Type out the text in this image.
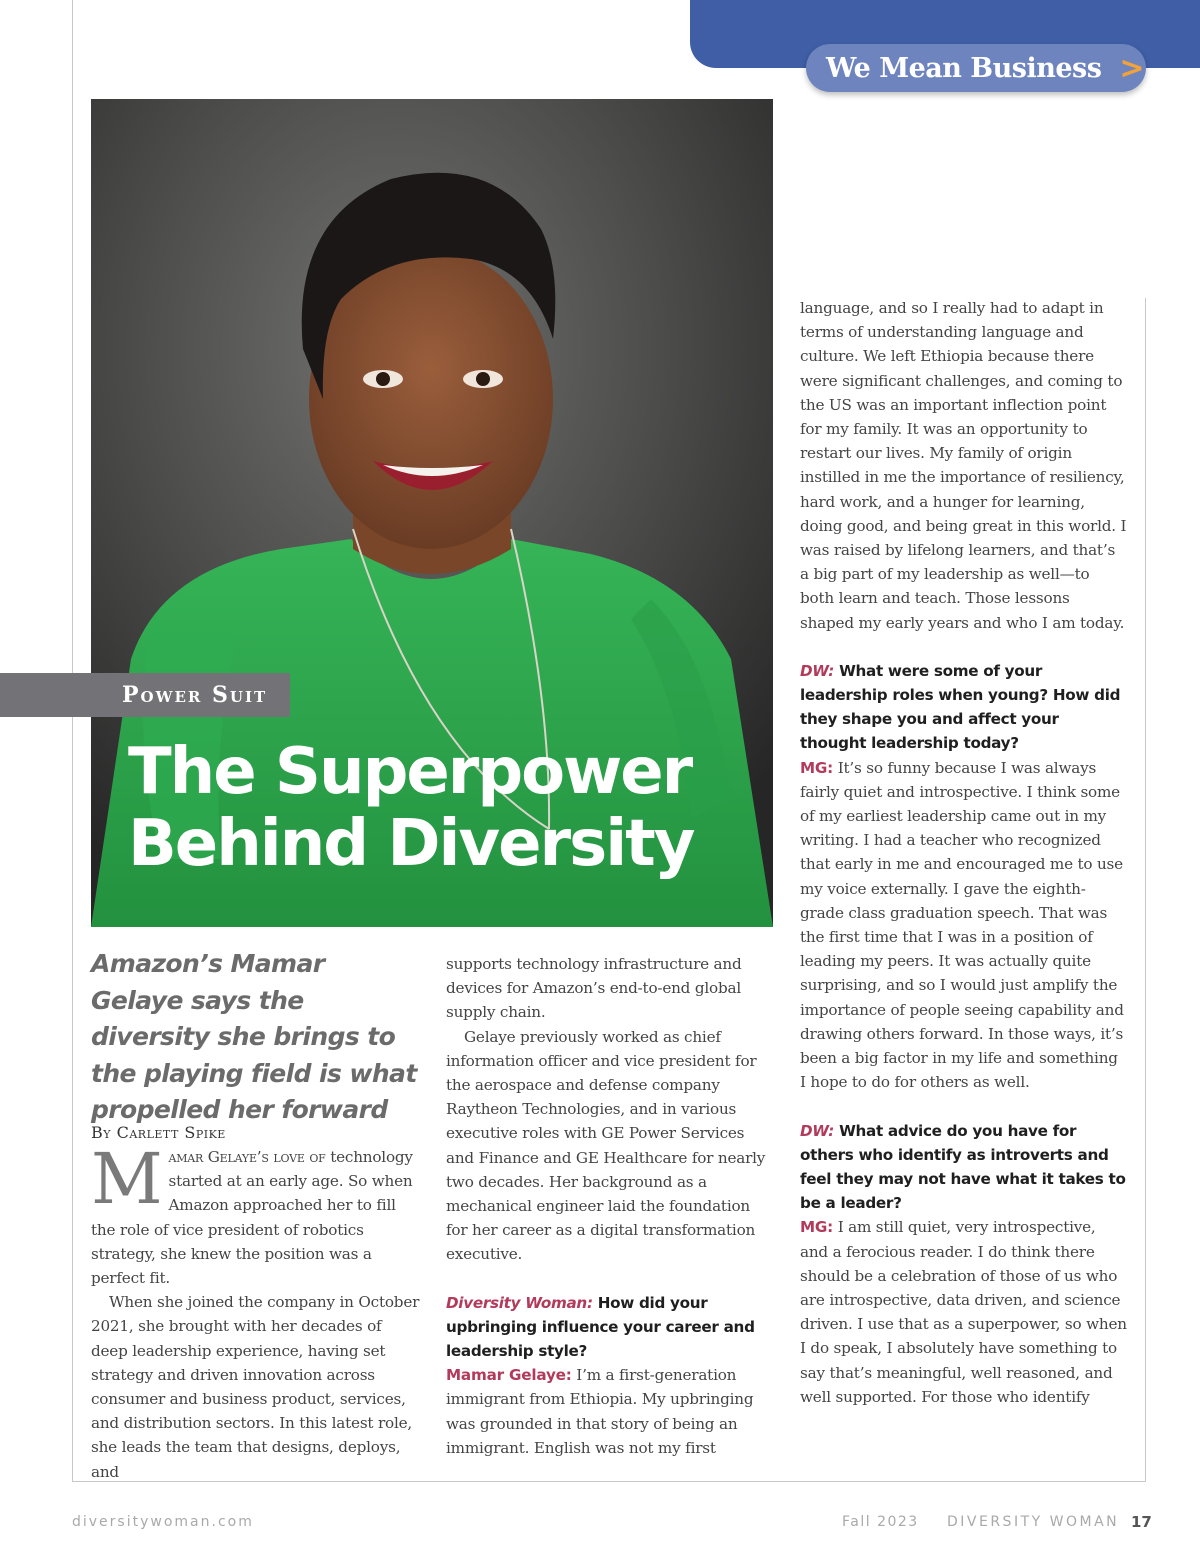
We Mean Business >
Power Suit
The Superpower
Behind Diversity
Amazon’s Mamar Gelaye says the diversity she brings to the playing field is what propelled her forward
By Carlett Spike

Mamar Gelaye’s love of technology started at an early age. So when Amazon approached her to fill the role of vice president of robotics strategy, she knew the position was a perfect fit.

When she joined the company in October 2021, she brought with her decades of deep leadership experience, having set strategy and driven innovation across consumer and business product, services, and distribution sectors. In this latest role, she leads the team that designs, deploys, and

supports technology infrastructure and devices for Amazon’s end-to-end global supply chain.

Gelaye previously worked as chief information officer and vice president for the aerospace and defense company Raytheon Technologies, and in various executive roles with GE Power Services and Finance and GE Healthcare for nearly two decades. Her background as a mechanical engineer laid the foundation for her career as a digital transformation executive.

Diversity Woman: How did your upbringing influence your career and leadership style?

Mamar Gelaye: I’m a first-generation immigrant from Ethiopia. My upbringing was grounded in that story of being an immigrant. English was not my first

language, and so I really had to adapt in terms of understanding language and culture. We left Ethiopia because there were significant challenges, and coming to the US was an important inflection point for my family. It was an opportunity to restart our lives. My family of origin instilled in me the importance of resiliency, hard work, and a hunger for learning, doing good, and being great in this world. I was raised by lifelong learners, and that’s a big part of my leadership as well—to both learn and teach. Those lessons shaped my early years and who I am today.

DW: What were some of your leadership roles when young? How did they shape you and affect your thought leadership today?

MG: It’s so funny because I was always fairly quiet and introspective. I think some of my earliest leadership came out in my writing. I had a teacher who recognized that early in me and encouraged me to use my voice externally. I gave the eighth-grade class graduation speech. That was the first time that I was in a position of leading my peers. It was actually quite surprising, and so I would just amplify the importance of people seeing capability and drawing others forward. In those ways, it’s been a big factor in my life and something I hope to do for others as well.

DW: What advice do you have for others who identify as introverts and feel they may not have what it takes to be a leader?

MG: I am still quiet, very introspective, and a ferocious reader. I do think there should be a celebration of those of us who are introspective, data driven, and science driven. I use that as a superpower, so when I do speak, I absolutely have something to say that’s meaningful, well reasoned, and well supported. For those who identify

diversitywoman.com	Fall 2023 DIVERSITY WOMAN 17
